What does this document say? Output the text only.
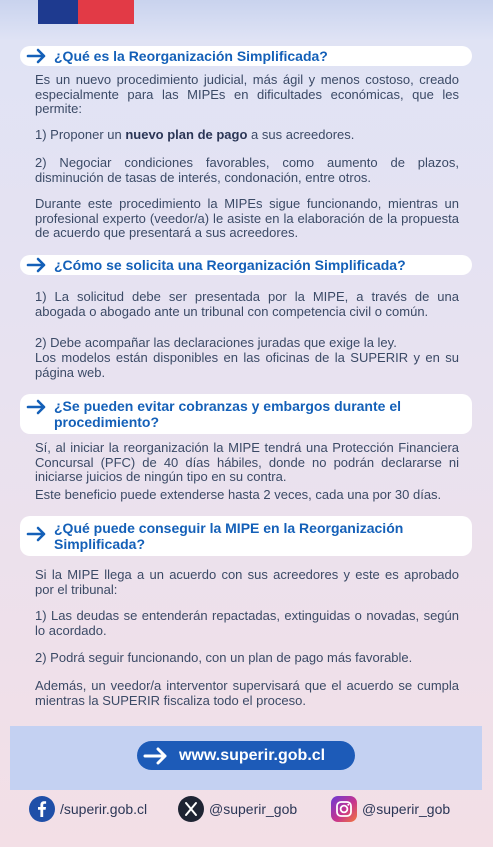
¿Qué es la Reorganización Simplificada?

Es un nuevo procedimiento judicial, más ágil y menos costoso, creado especialmente para las MIPEs en dificultades económicas, que les permite:

1) Proponer un nuevo plan de pago a sus acreedores.

2) Negociar condiciones favorables, como aumento de plazos, disminución de tasas de interés, condonación, entre otros.

Durante este procedimiento la MIPEs sigue funcionando, mientras un profesional experto (veedor/a) le asiste en la elaboración de la propuesta de acuerdo que presentará a sus acreedores.

¿Cómo se solicita una Reorganización Simplificada?

1) La solicitud debe ser presentada por la MIPE, a través de una abogada o abogado ante un tribunal con competencia civil o común.

2) Debe acompañar las declaraciones juradas que exige la ley.

Los modelos están disponibles en las oficinas de la SUPERIR y en su página web.

¿Se pueden evitar cobranzas y embargos durante el procedimiento?

Sí, al iniciar la reorganización la MIPE tendrá una Protección Financiera Concursal (PFC) de 40 días hábiles, donde no podrán declararse ni iniciarse juicios de ningún tipo en su contra.

Este beneficio puede extenderse hasta 2 veces, cada una por 30 días.

¿Qué puede conseguir la MIPE en la Reorganización Simplificada?

Si la MIPE llega a un acuerdo con sus acreedores y este es aprobado por el tribunal:

1) Las deudas se entenderán repactadas, extinguidas o novadas, según lo acordado.

2) Podrá seguir funcionando, con un plan de pago más favorable.

Además, un veedor/a interventor supervisará que el acuerdo se cumpla mientras la SUPERIR fiscaliza todo el proceso.

www.superir.gob.cl
/superir.gob.cl	@superir_gob	@superir_gob
